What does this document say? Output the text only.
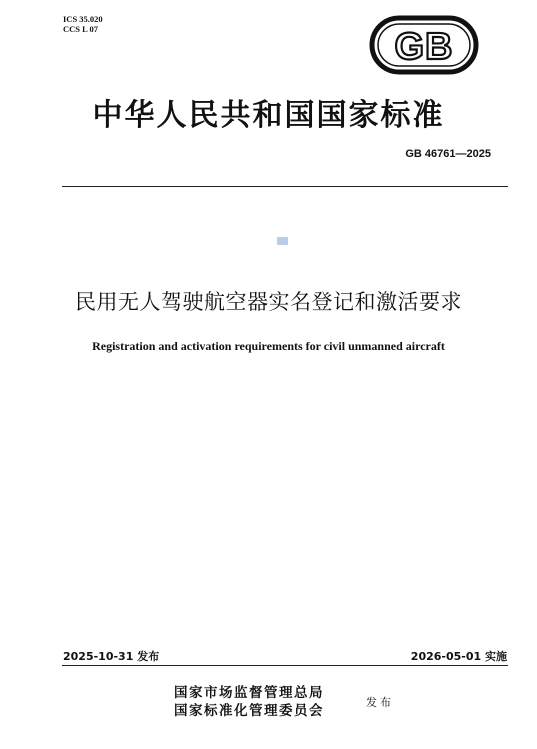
ICS 35.020
CCS L 07	GB
中华人民共和国国家标准
GB 46761—2025
民用无人驾驶航空器实名登记和激活要求
Registration and activation requirements for civil unmanned aircraft
2025-10-31 发布	2026-05-01 实施
国家市场监督管理总局
国家标准化管理委员会
发布
